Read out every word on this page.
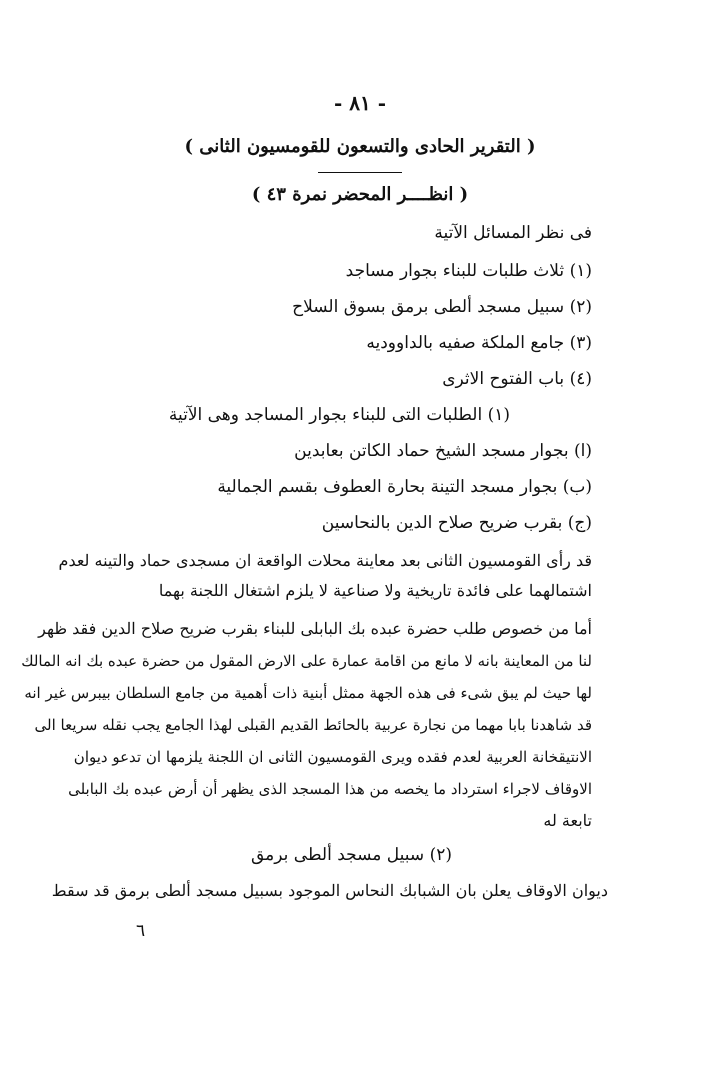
- ٨١ -
( التقرير الحادى والتسعون للقومسيون الثانى )
( انظــــر المحضر نمرة ٤٣ )
فى نظر المسائل الآتية
(١) ثلاث طلبات للبناء بجوار مساجد
(٢) سبيل مسجد ألطى برمق بسوق السلاح
(٣) جامع الملكة صفيه بالداووديه
(٤) باب الفتوح الاثرى
(١) الطلبات التى للبناء بجوار المساجد وهى الآتية
(ا) بجوار مسجد الشيخ حماد الكاتن بعابدين
(ب) بجوار مسجد التينة بحارة العطوف بقسم الجمالية
(ج) بقرب ضريح صلاح الدين بالنحاسين
قد رأى القومسيون الثانى بعد معاينة محلات الواقعة ان مسجدى حماد والتينه لعدم
اشتمالهما على فائدة تاريخية ولا صناعية لا يلزم اشتغال اللجنة بهما
أما من خصوص طلب حضرة عبده بك البابلى للبناء بقرب ضريح صلاح الدين فقد ظهر
لنا من المعاينة بانه لا مانع من اقامة عمارة على الارض المقول من حضرة عبده بك انه المالك
لها حيث لم يبق شىء فى هذه الجهة ممثل أبنية ذات أهمية من جامع السلطان بيبرس غير انه
قد شاهدنا بابا مهما من نجارة عربية بالحائط القديم القبلى لهذا الجامع يجب نقله سريعا الى
الانتيقخانة العربية لعدم فقده ويرى القومسيون الثانى ان اللجنة يلزمها ان تدعو ديوان
الاوقاف لاجراء استرداد ما يخصه من هذا المسجد الذى يظهر أن أرض عبده بك البابلى
تابعة له
(٢) سبيل مسجد ألطى برمق
ديوان الاوقاف يعلن بان الشبابك النحاس الموجود بسبيل مسجد ألطى برمق قد سقط
٦
